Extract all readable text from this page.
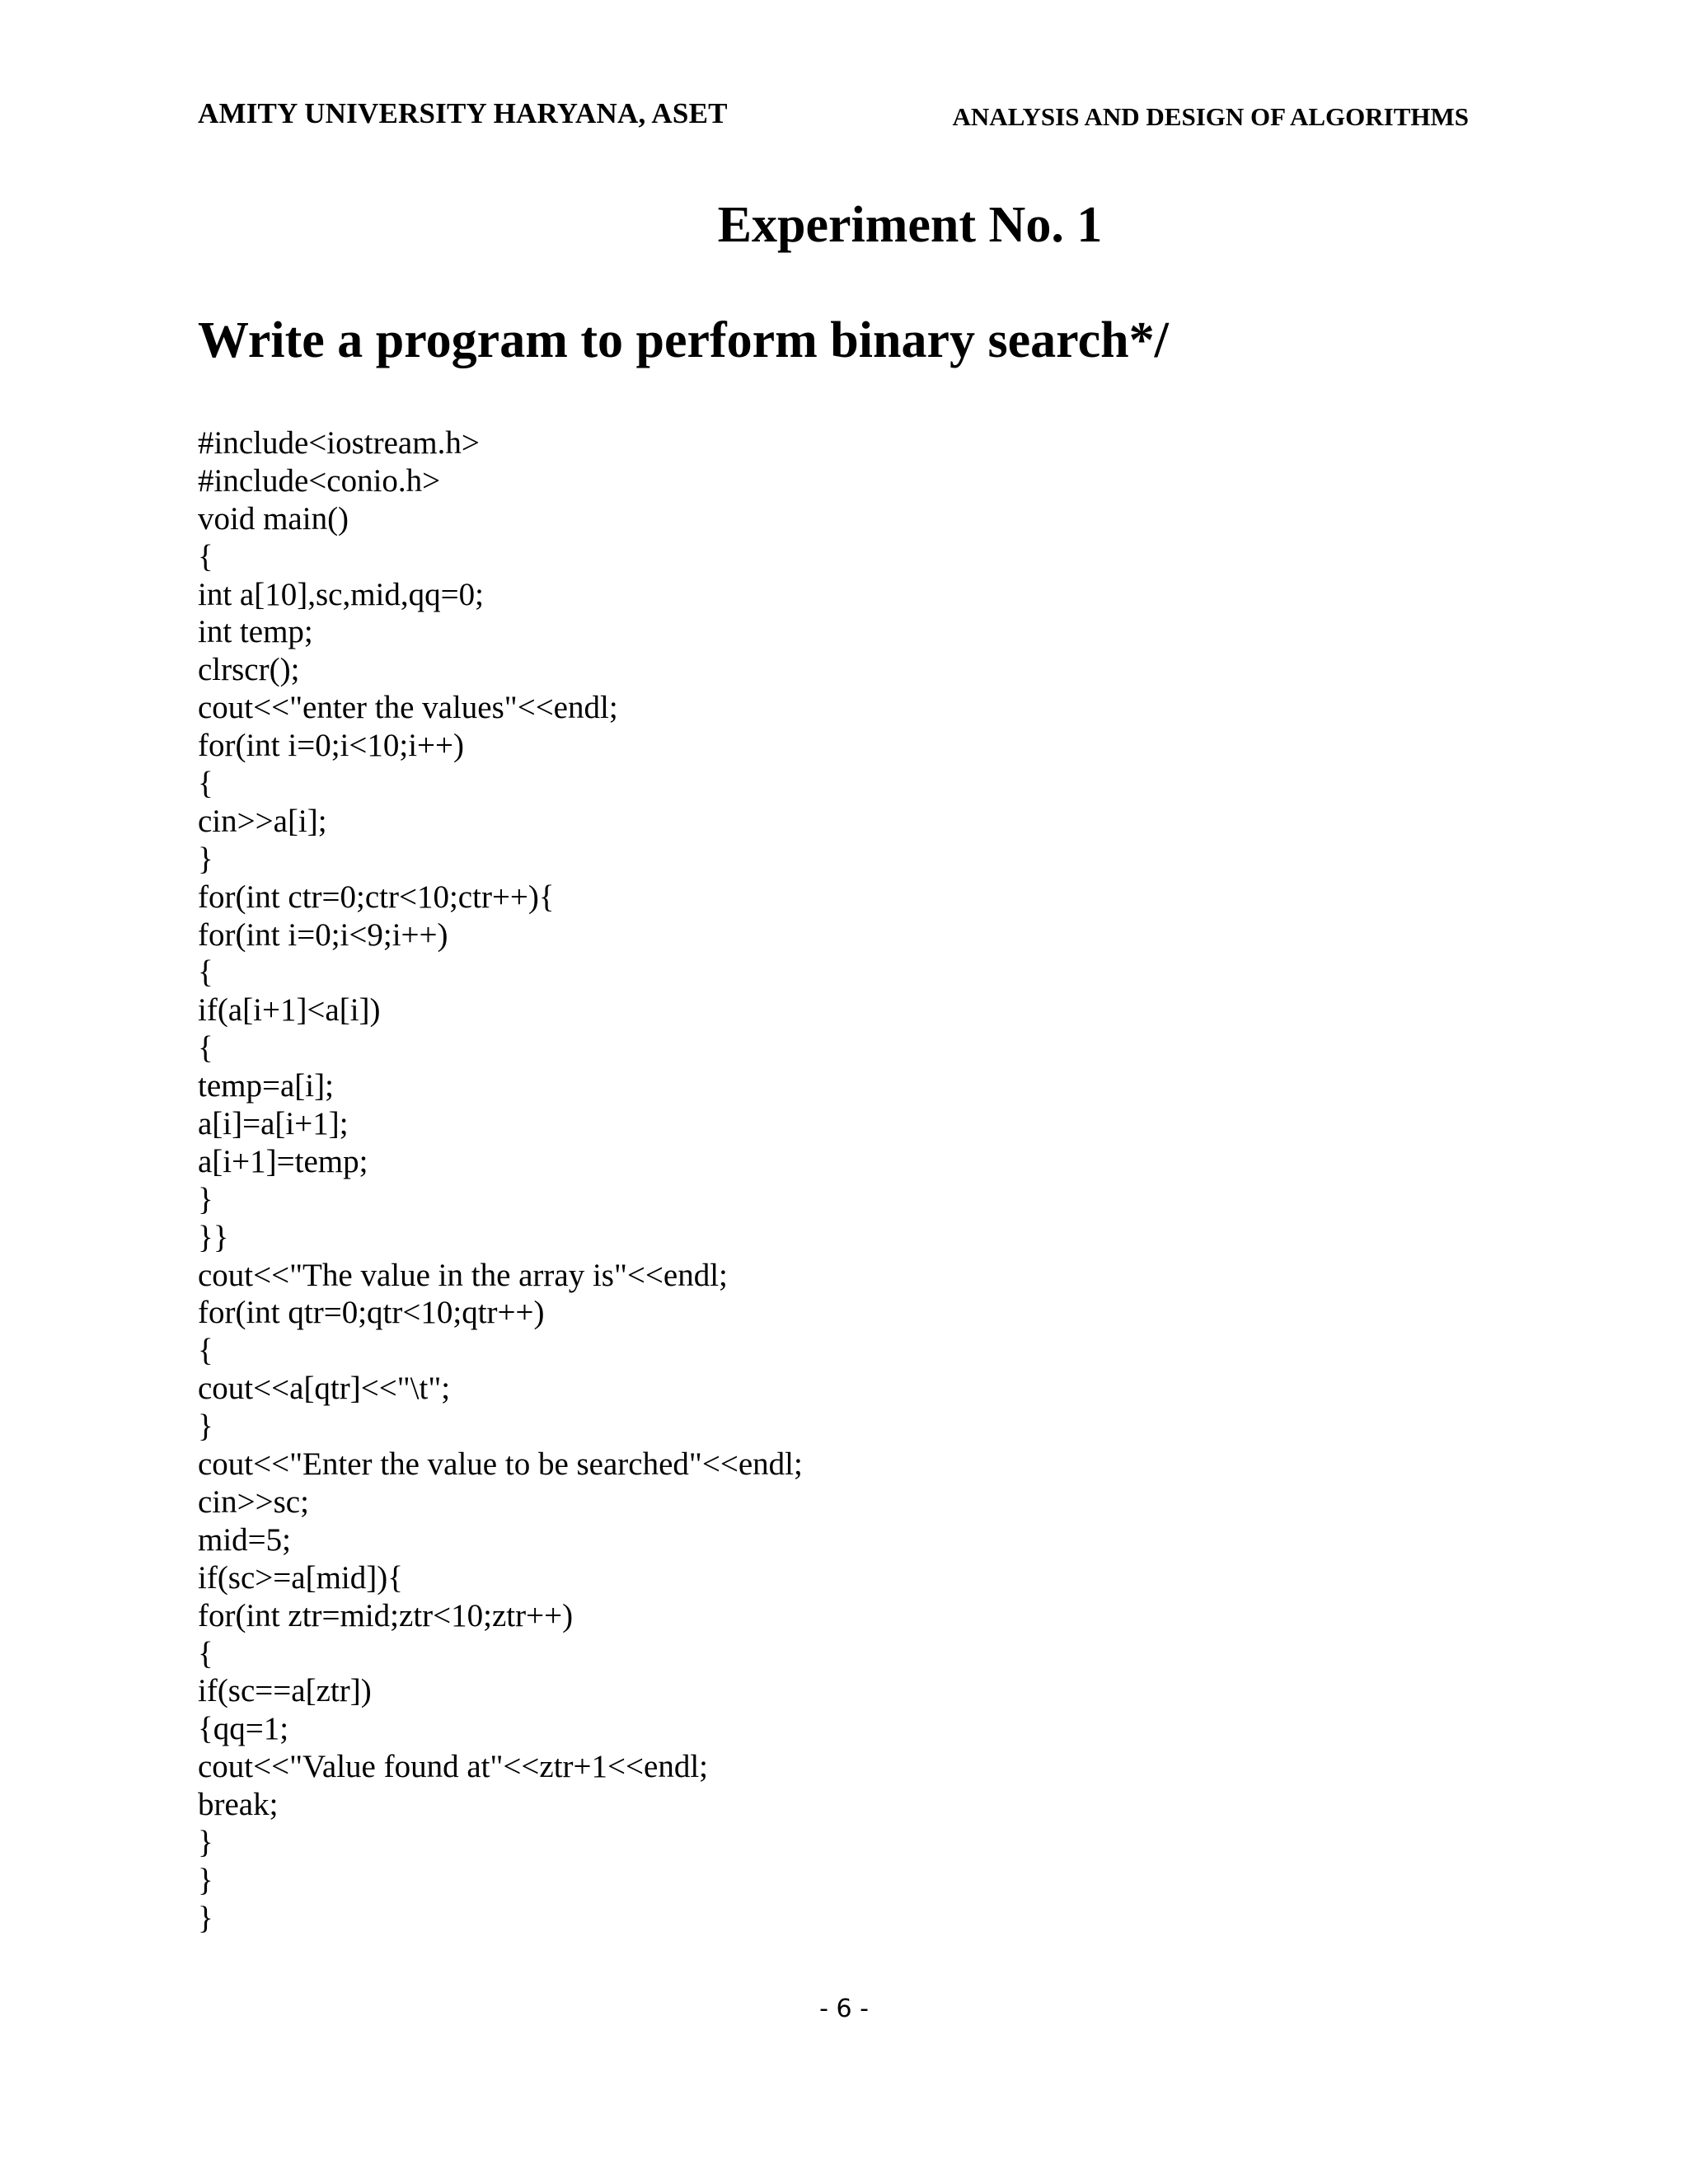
AMITY UNIVERSITY HARYANA, ASET	ANALYSIS AND DESIGN OF ALGORITHMS
Experiment No. 1
Write a program to perform binary search*/
#include<iostream.h>
#include<conio.h>
void main()
{
int a[10],sc,mid,qq=0;
int temp;
clrscr();
cout<<"enter the values"<<endl;
for(int i=0;i<10;i++)
{
cin>>a[i];
}
for(int ctr=0;ctr<10;ctr++){
for(int i=0;i<9;i++)
{
if(a[i+1]<a[i])
{
temp=a[i];
a[i]=a[i+1];
a[i+1]=temp;
}
}}
cout<<"The value in the array is"<<endl;
for(int qtr=0;qtr<10;qtr++)
{
cout<<a[qtr]<<"\t";
}
cout<<"Enter the value to be searched"<<endl;
cin>>sc;
mid=5;
if(sc>=a[mid]){
for(int ztr=mid;ztr<10;ztr++)
{
if(sc==a[ztr])
{qq=1;
cout<<"Value found at"<<ztr+1<<endl;
break;
}
}
}
- 6 -
